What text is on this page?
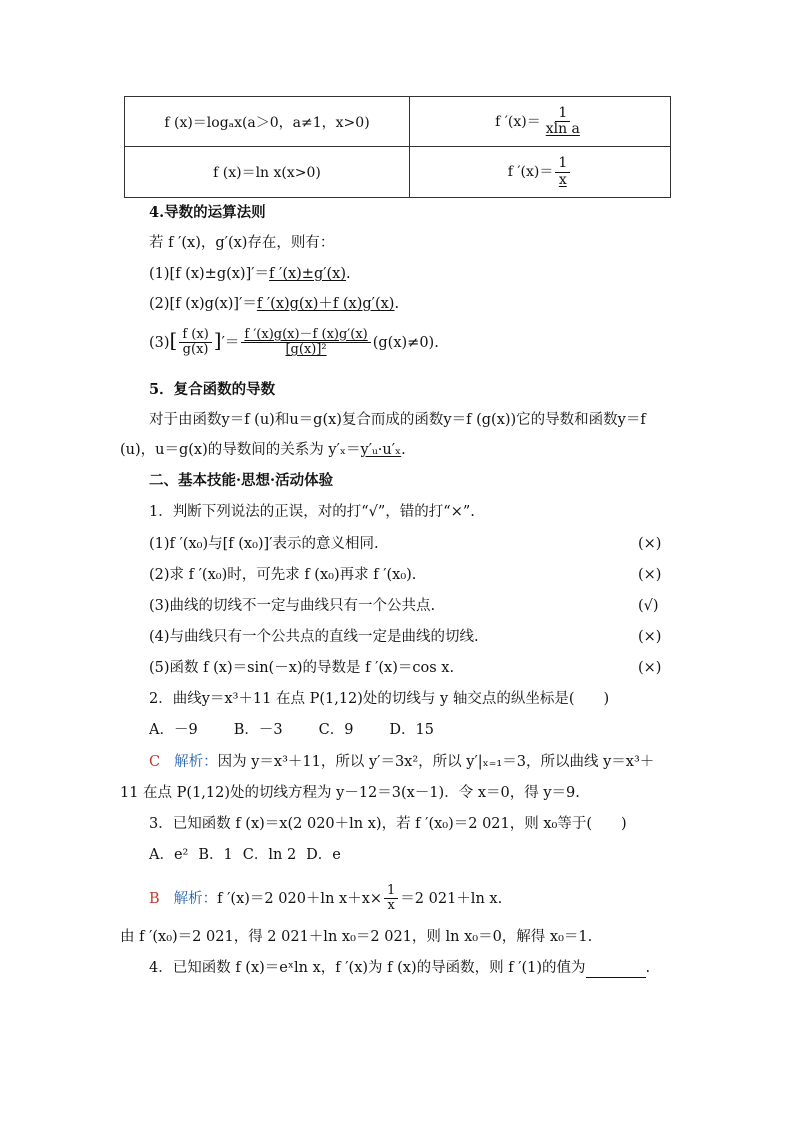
f (x)＝logₐx(a＞0，a≠1，x>0)	f $'(x)= \frac{1}{\text{xln a}}$

f (x)＝ln x(x>0)	f $'(x)= \frac{1}{x}$
4.导数的运算法则
若 f ′(x)，g′(x)存在，则有：
(1)[f (x)±g(x)]′＝f ′(x)±g′(x).
(2)[f (x)g(x)]′＝f ′(x)g(x)＋f (x)g′(x).
$(3)[ \frac{f (x)}{g(x)}$ ]′＝ $\frac{f '(x)g(x)-f (x)g'(x)}{\text{[g(x)]²}} (g(x)\ne 0)$.
5．复合函数的导数
对于由函数y＝f (u)和u＝g(x)复合而成的函数y＝f (g(x))它的导数和函数y＝f
(u)，u＝g(x)的导数间的关系为 y′ₓ＝y′ᵤ·u′ₓ.
二、基本技能·思想·活动体验
1．判断下列说法的正误，对的打“√”，错的打“×”.
(1)f ′(x₀)与[f (x₀)]′表示的意义相同.	(×)
(2)求 f ′(x₀)时，可先求 f (x₀)再求 f ′(x₀).	(×)
(3)曲线的切线不一定与曲线只有一个公共点.	(√)
(4)与曲线只有一个公共点的直线一定是曲线的切线.	(×)
(5)函数 f (x)＝sin(－x)的导数是 f ′(x)＝cos x.	(×)
2．曲线y＝x³＋11 在点 P(1,12)处的切线与 y 轴交点的纵坐标是(　　)
A．－9 B．－3 C．9 D．15
C 解析：因为 y＝x³＋11，所以 y′＝3x²，所以 y′|ₓ₌₁＝3，所以曲线 y＝x³＋
11 在点 P(1,12)处的切线方程为 y－12＝3(x－1)．令 x＝0，得 y＝9.
3．已知函数 f (x)＝x(2 020＋ln x)，若 f ′(x₀)＝2 021，则 x₀等于(　　)
A．e² B．1 C．ln 2 D．e
B 解析：f ′(x)＝2 020＋ln $x+x\times \frac{1}{x} =2$ 021＋ln x.
由 f ′(x₀)＝2 021，得 2 021＋ln x₀＝2 021，则 ln x₀＝0，解得 x₀＝1.
4．已知函数 f (x)＝eˣln x，f ′(x)为 f (x)的导函数，则 f ′(1)的值为	.
